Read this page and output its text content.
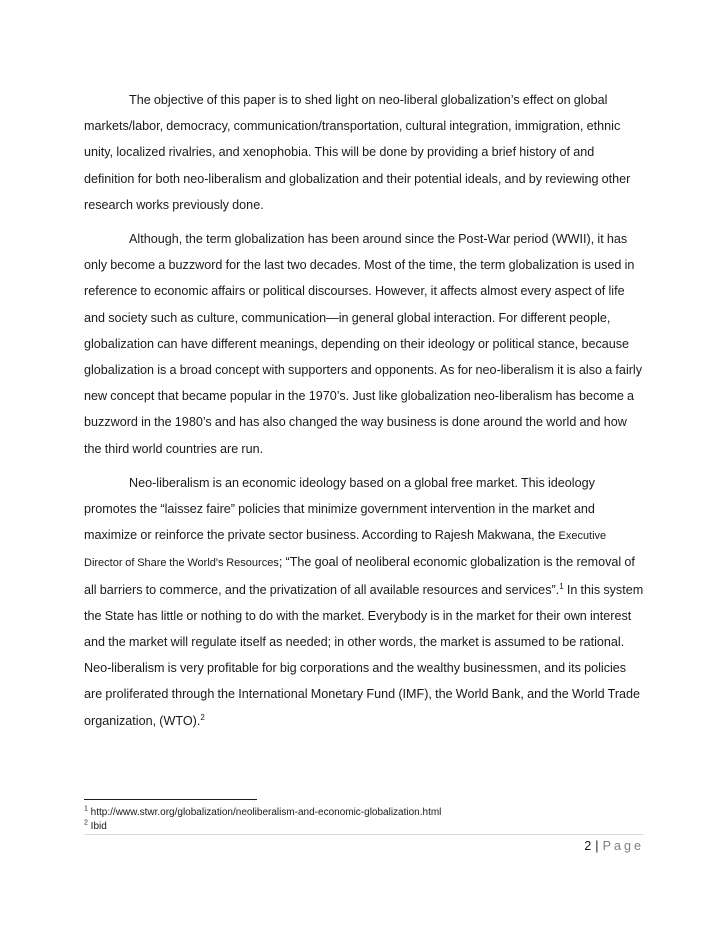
The objective of this paper is to shed light on neo-liberal globalization’s effect on global markets/labor, democracy, communication/transportation, cultural integration, immigration, ethnic unity, localized rivalries, and xenophobia. This will be done by providing a brief history of and definition for both neo-liberalism and globalization and their potential ideals, and by reviewing other research works previously done.

Although, the term globalization has been around since the Post-War period (WWII), it has only become a buzzword for the last two decades. Most of the time, the term globalization is used in reference to economic affairs or political discourses. However, it affects almost every aspect of life and society such as culture, communication—in general global interaction. For different people, globalization can have different meanings, depending on their ideology or political stance, because globalization is a broad concept with supporters and opponents. As for neo-liberalism it is also a fairly new concept that became popular in the 1970’s. Just like globalization neo-liberalism has become a buzzword in the 1980’s and has also changed the way business is done around the world and how the third world countries are run.

Neo-liberalism is an economic ideology based on a global free market. This ideology promotes the “laissez faire” policies that minimize government intervention in the market and maximize or reinforce the private sector business. According to Rajesh Makwana, the Executive Director of Share the World's Resources; “The goal of neoliberal economic globalization is the removal of all barriers to commerce, and the privatization of all available resources and services”.$^1$ In this system the State has little or nothing to do with the market. Everybody is in the market for their own interest and the market will regulate itself as needed; in other words, the market is assumed to be rational. Neo-liberalism is very profitable for big corporations and the wealthy businessmen, and its policies are proliferated through the International Monetary Fund (IMF), the World Bank, and the World Trade organization, (WTO).$^2$

$^1$ http://www.stwr.org/globalization/neoliberalism-and-economic-globalization.html
$^2$ Ibid
2 | Page
